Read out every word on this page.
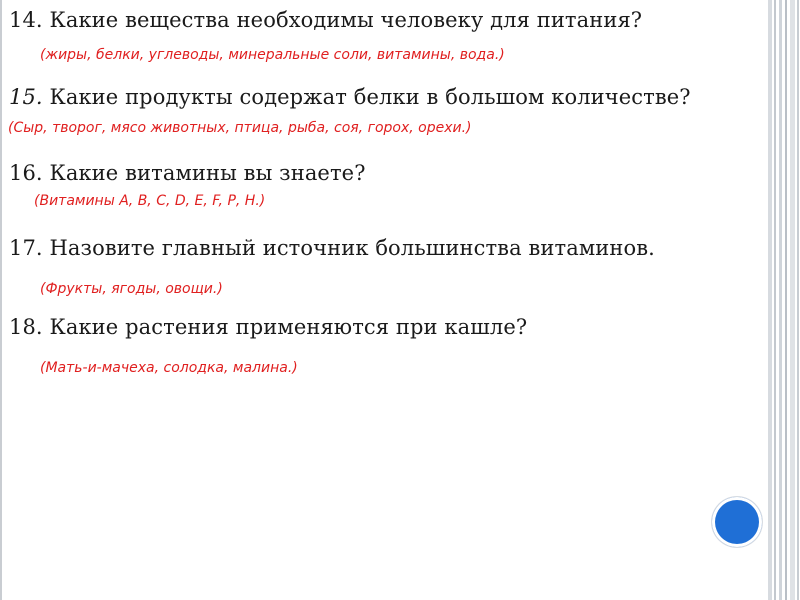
14. Какие вещества необходимы человеку для питания?
(жиры, белки, углеводы, минеральные соли, витамины, вода.)
15. Какие продукты содержат белки в большом количестве?
(Сыр, творог, мясо животных, птица, рыба, соя, горох, орехи.)
16. Какие витамины вы знаете?
(Витамины А, В, С, D, Е, F, Р, Н.)
17. Назовите главный источник большинства витаминов.
(Фрукты, ягоды, овощи.)
18. Какие растения применяются при кашле?
(Мать-и-мачеха, солодка, малина.)
